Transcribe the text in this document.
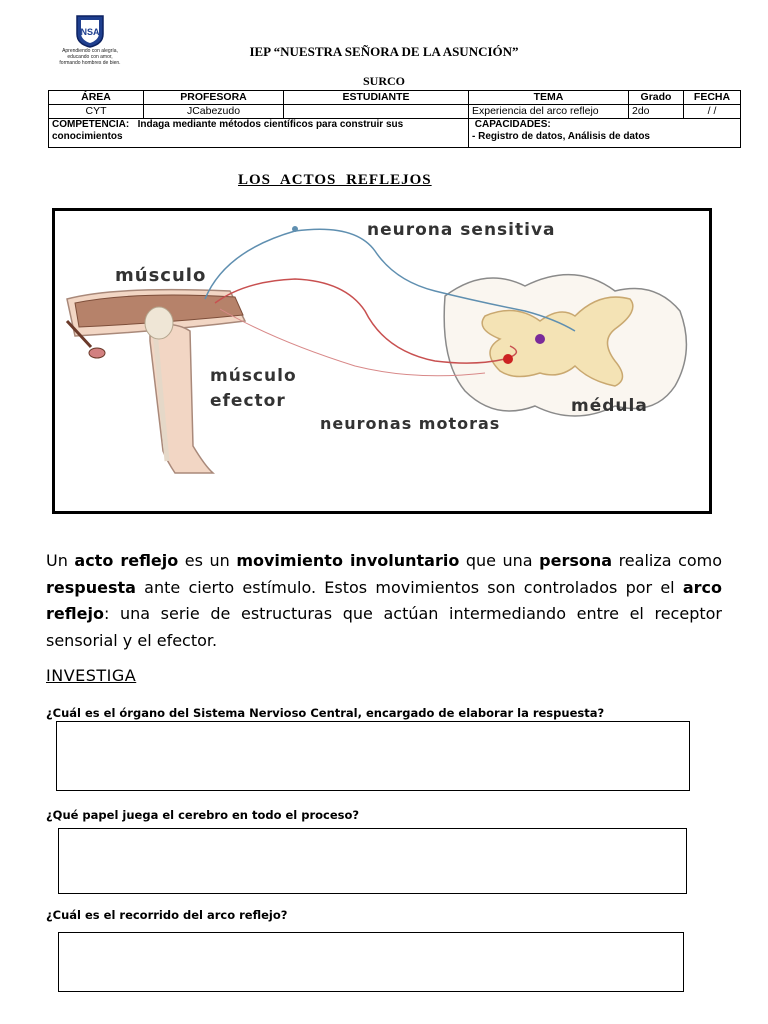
NSA
Aprendiendo con alegría,
educando con amor,
formando hombres de bien.
IEP “NUESTRA SEÑORA DE LA ASUNCIÓN”
SURCO
ÁREA	PROFESORA	ESTUDIANTE	TEMA	Grado	FECHA
CYT	JCabezudo		Experiencia del arco reflejo	2do	/ /
COMPETENCIA: Indaga mediante métodos científicos para construir sus conocimientos			CAPACIDADES:
- Registro de datos, Análisis de datos		
LOS ACTOS REFLEJOS
neurona sensitiva
músculo
músculo
efector
neuronas motoras
médula
Un acto reflejo es un movimiento involuntario que una persona realiza como respuesta ante cierto estímulo. Estos movimientos son controlados por el arco reflejo: una serie de estructuras que actúan intermediando entre el receptor sensorial y el efector.
INVESTIGA
¿Cuál es el órgano del Sistema Nervioso Central, encargado de elaborar la respuesta?
¿Qué papel juega el cerebro en todo el proceso?
¿Cuál es el recorrido del arco reflejo?
